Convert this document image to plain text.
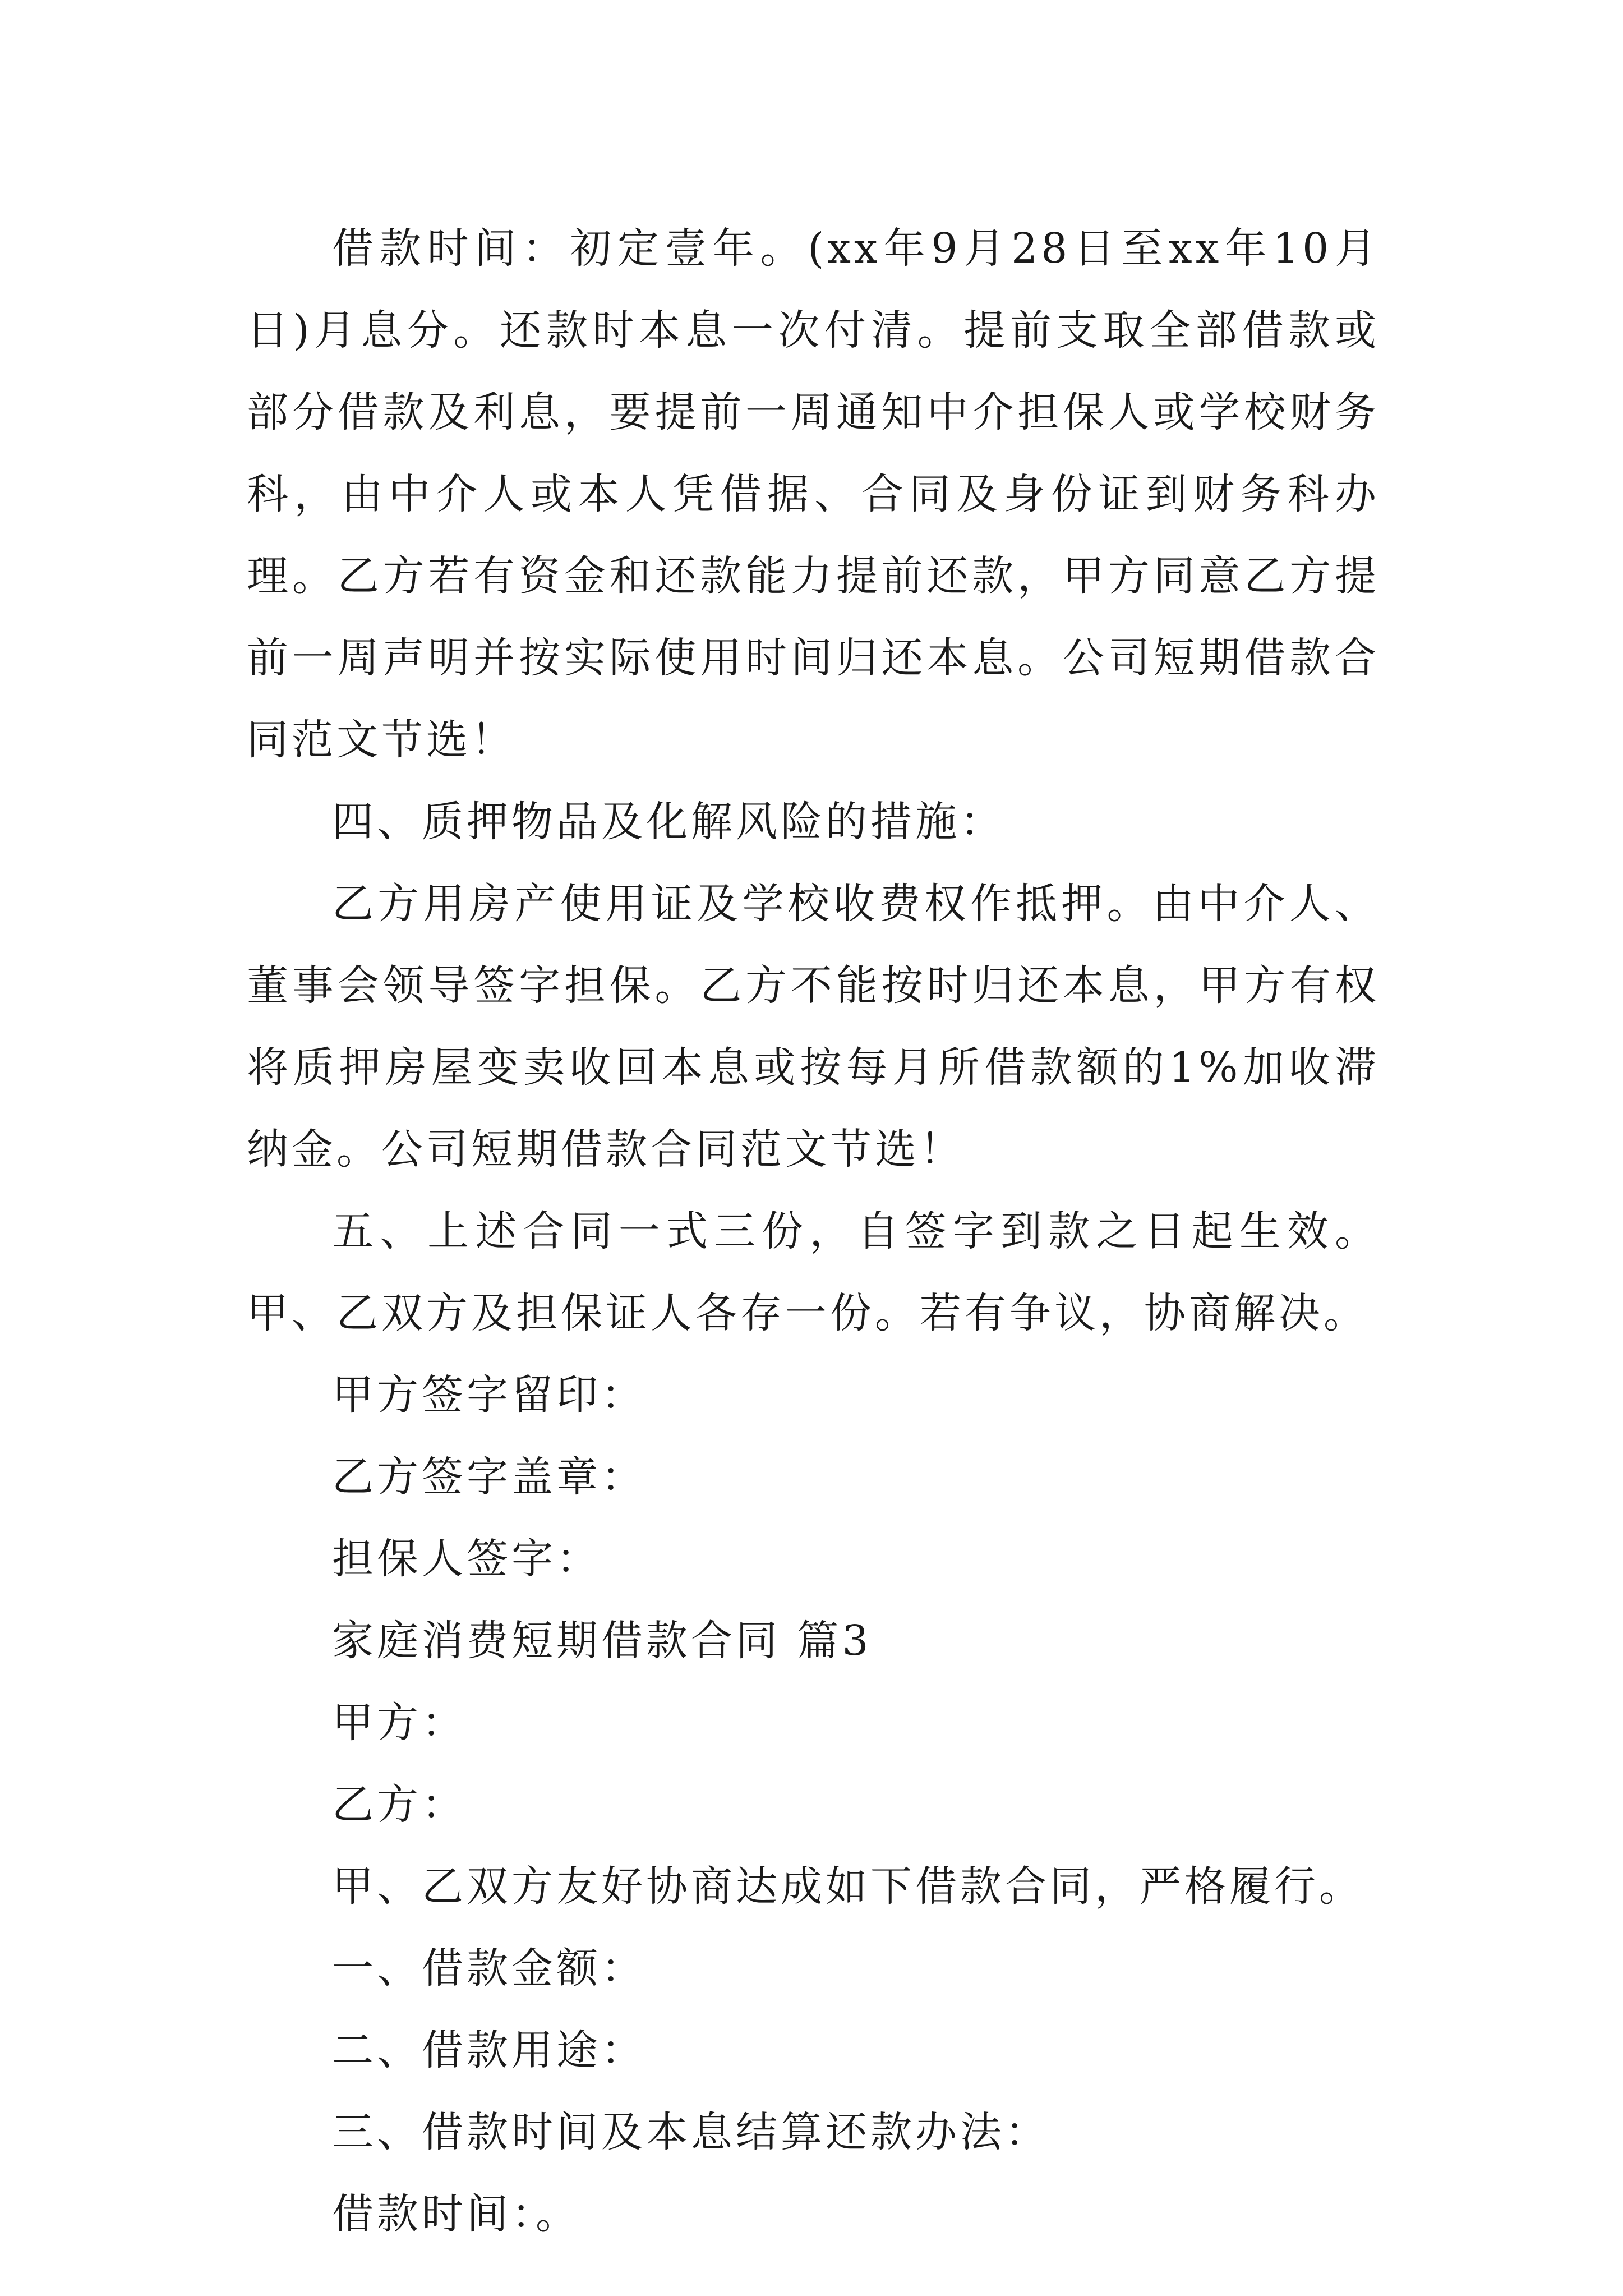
借款时间：初定壹年。(xx年9月28日至xx年10月日)月息分。还款时本息一次付清。提前支取全部借款或部分借款及利息，要提前一周通知中介担保人或学校财务科，由中介人或本人凭借据、合同及身份证到财务科办理。乙方若有资金和还款能力提前还款，甲方同意乙方提前一周声明并按实际使用时间归还本息。公司短期借款合同范文节选！

四、质押物品及化解风险的措施：

乙方用房产使用证及学校收费权作抵押。由中介人、董事会领导签字担保。乙方不能按时归还本息，甲方有权将质押房屋变卖收回本息或按每月所借款额的1%加收滞纳金。公司短期借款合同范文节选！

五、上述合同一式三份，自签字到款之日起生效。甲、乙双方及担保证人各存一份。若有争议，协商解决。

甲方签字留印：

乙方签字盖章：

担保人签字：

家庭消费短期借款合同 篇3

甲方：

乙方：

甲、乙双方友好协商达成如下借款合同，严格履行。

一、借款金额：

二、借款用途：

三、借款时间及本息结算还款办法：

借款时间：。
